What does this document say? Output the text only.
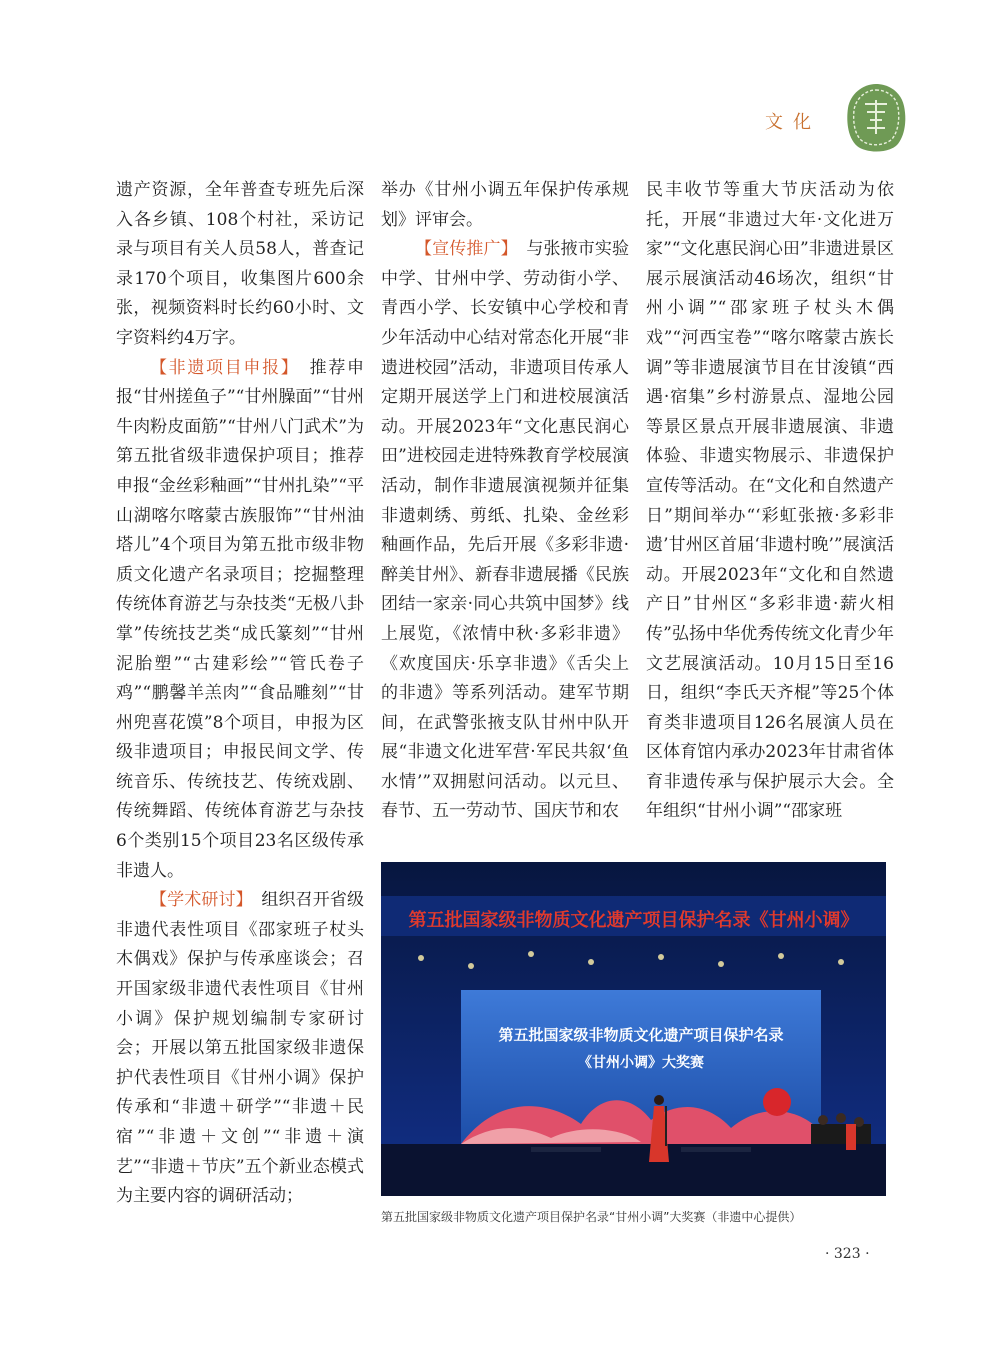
文化

遗产资源，全年普查专班先后深入各乡镇、108个村社，采访记录与项目有关人员58人，普查记录170个项目，收集图片600余张，视频资料时长约60小时、文字资料约4万字。

【非遗项目申报】　 推荐申报“甘州搓鱼子”“甘州臊面”“甘州牛肉粉皮面筋”“甘州八门武术”为第五批省级非遗保护项目；推荐申报“金丝彩釉画”“甘州扎染”“平山湖喀尔喀蒙古族服饰”“甘州油塔儿”4个项目为第五批市级非物质文化遗产名录项目；挖掘整理传统体育游艺与杂技类“无极八卦掌”传统技艺类“成氏篆刻”“甘州泥胎塑”“古建彩绘”“管氏卷子鸡”“鹏馨羊羔肉”“食品雕刻”“甘州兜喜花馍”8个项目，申报为区级非遗项目；申报民间文学、传统音乐、传统技艺、传统戏剧、传统舞蹈、传统体育游艺与杂技6个类别15个项目23名区级传承非遗人。

【学术研讨】　 组织召开省级非遗代表性项目《邵家班子杖头木偶戏》保护与传承座谈会；召开国家级非遗代表性项目《甘州小调》保护规划编制专家研讨会；开展以第五批国家级非遗保护代表性项目《甘州小调》保护传承和“非遗＋研学”“非遗＋民宿”“非遗＋文创”“非遗＋演艺”“非遗＋节庆”五个新业态模式为主要内容的调研活动；

举办《甘州小调五年保护传承规划》评审会。

【宣传推广】　 与张掖市实验中学、甘州中学、劳动街小学、青西小学、长安镇中心学校和青少年活动中心结对常态化开展“非遗进校园”活动，非遗项目传承人定期开展送学上门和进校展演活动。开展2023年“文化惠民润心田”进校园走进特殊教育学校展演活动，制作非遗展演视频并征集非遗刺绣、剪纸、扎染、金丝彩釉画作品，先后开展《多彩非遗·醉美甘州》、新春非遗展播《民族团结一家亲·同心共筑中国梦》线上展览，《浓情中秋·多彩非遗》《欢度国庆·乐享非遗》《舌尖上的非遗》等系列活动。建军节期间，在武警张掖支队甘州中队开展“非遗文化进军营·军民共叙‘鱼水情’”双拥慰问活动。以元旦、春节、五一劳动节、国庆节和农

民丰收节等重大节庆活动为依托，开展“非遗过大年·文化进万家”“文化惠民润心田”非遗进景区展示展演活动46场次，组织“甘州小调”“邵家班子杖头木偶戏”“河西宝卷”“喀尔喀蒙古族长调”等非遗展演节目在甘浚镇“西遇·宿集”乡村游景点、湿地公园等景区景点开展非遗展演、非遗体验、非遗实物展示、非遗保护宣传等活动。在“文化和自然遗产日”期间举办“‘彩虹张掖·多彩非遗’甘州区首届‘非遗村晚’”展演活动。开展2023年“文化和自然遗产日”甘州区“多彩非遗·薪火相传”弘扬中华优秀传统文化青少年文艺展演活动。10月15日至16日，组织“李氏天齐棍”等25个体育类非遗项目126名展演人员在区体育馆内承办2023年甘肃省体育非遗传承与保护展示大会。全年组织“甘州小调”“邵家班

第五批国家级非物质文化遗产项目保护名录《甘州小调》
第五批国家级非物质文化遗产项目保护名录
《甘州小调》大奖赛
第五批国家级非物质文化遗产项目保护名录“甘州小调”大奖赛（非遗中心提供）
· 323 ·
